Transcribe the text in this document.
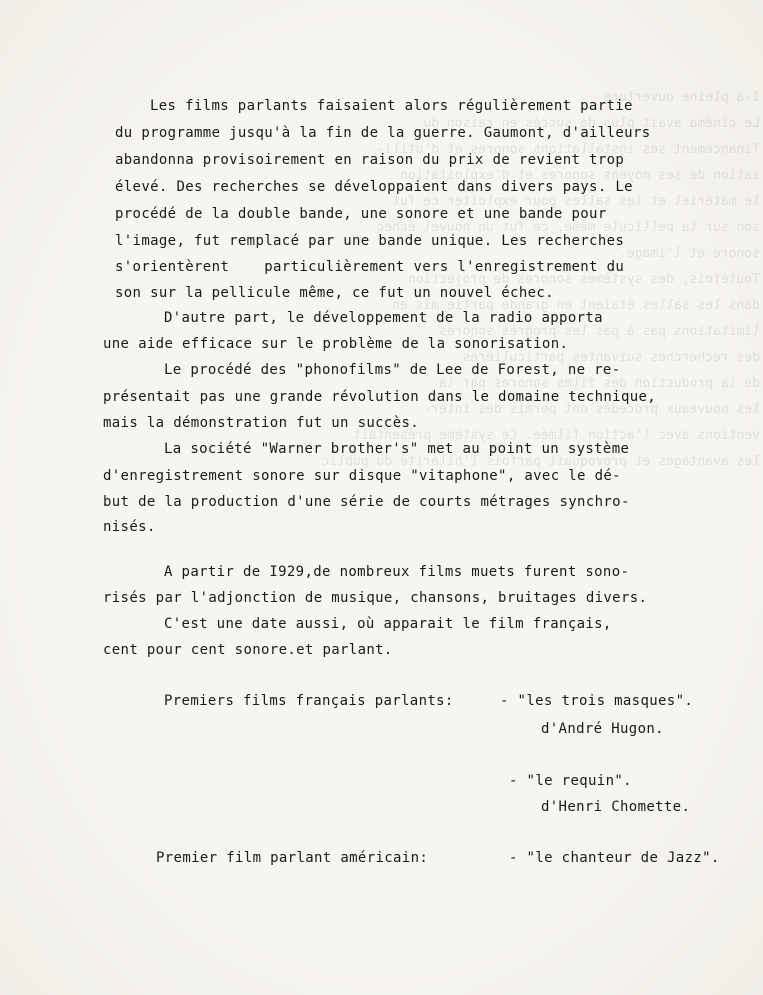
1-a pleine ouverture
Le cinéma avait plus de succès en raison du
financement ses installations sonores et d'utili-
sation de ses moyens sonores et d'exploitation
le matériel et les salles pour exploiter ce fut
son sur la pellicule même, ce fut un nouvel échec
sonore et l'image.
Toutefois, des systèmes sonores de projection
dans les salles étaient en grande partie mis en
limitations pas à pas les progrès sonores
des recherches suivantes particulières
de la production des films sonores par la
les nouveaux procédés ont permis des inter-
ventions avec l'action filmée. Ce système présentait
les avantages et provoquait parfois l'hilarité du public.

Les films parlants faisaient alors régulièrement partie
du programme jusqu'à la fin de la guerre. Gaumont, d'ailleurs
abandonna provisoirement en raison du prix de revient trop
élevé. Des recherches se développaient dans divers pays. Le
procédé de la double bande, une sonore et une bande pour
l'image, fut remplacé par une bande unique. Les recherches
s'orientèrent    particulièrement vers l'enregistrement du
son sur la pellicule même, ce fut un nouvel échec.
D'autre part, le développement de la radio apporta
une aide efficace sur le problème de la sonorisation.
Le procédé des "phonofilms" de Lee de Forest, ne re-
présentait pas une grande révolution dans le domaine technique,
mais la démonstration fut un succès.
La société "Warner brother's" met au point un système
d'enregistrement sonore sur disque "vitaphone", avec le dé-
but de la production d'une série de courts métrages synchro-
nisés.
A partir de I929,de nombreux films muets furent sono-
risés par l'adjonction de musique, chansons, bruitages divers.
C'est une date aussi, où apparait le film français,
cent pour cent sonore.et parlant.
Premiers films français parlants:	- "les trois masques".
d'André Hugon.
- "le requin".
d'Henri Chomette.
Premier film parlant américain:	- "le chanteur de Jazz".
